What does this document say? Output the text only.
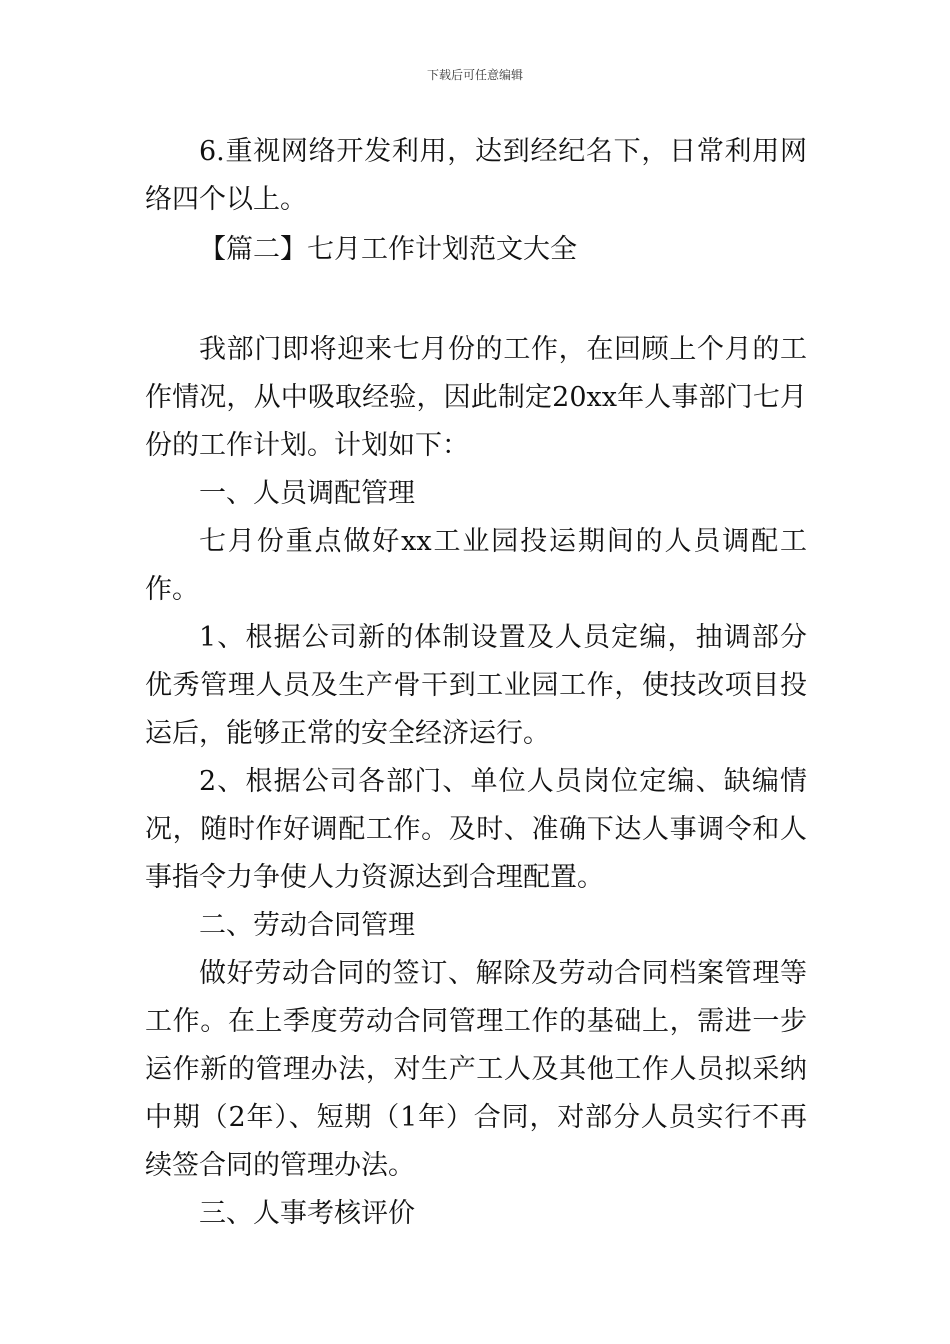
下载后可任意编辑

6.重视网络开发利用，达到经纪名下，日常利用网络四个以上。

【篇二】七月工作计划范文大全

我部门即将迎来七月份的工作，在回顾上个月的工作情况，从中吸取经验，因此制定20xx年人事部门七月份的工作计划。计划如下：

一、人员调配管理

七月份重点做好xx工业园投运期间的人员调配工作。

1、根据公司新的体制设置及人员定编，抽调部分优秀管理人员及生产骨干到工业园工作，使技改项目投运后，能够正常的安全经济运行。

2、根据公司各部门、单位人员岗位定编、缺编情况，随时作好调配工作。及时、准确下达人事调令和人事指令力争使人力资源达到合理配置。

二、劳动合同管理

做好劳动合同的签订、解除及劳动合同档案管理等工作。在上季度劳动合同管理工作的基础上，需进一步运作新的管理办法，对生产工人及其他工作人员拟采纳中期（2年）、短期（1年）合同，对部分人员实行不再续签合同的管理办法。

三、人事考核评价
